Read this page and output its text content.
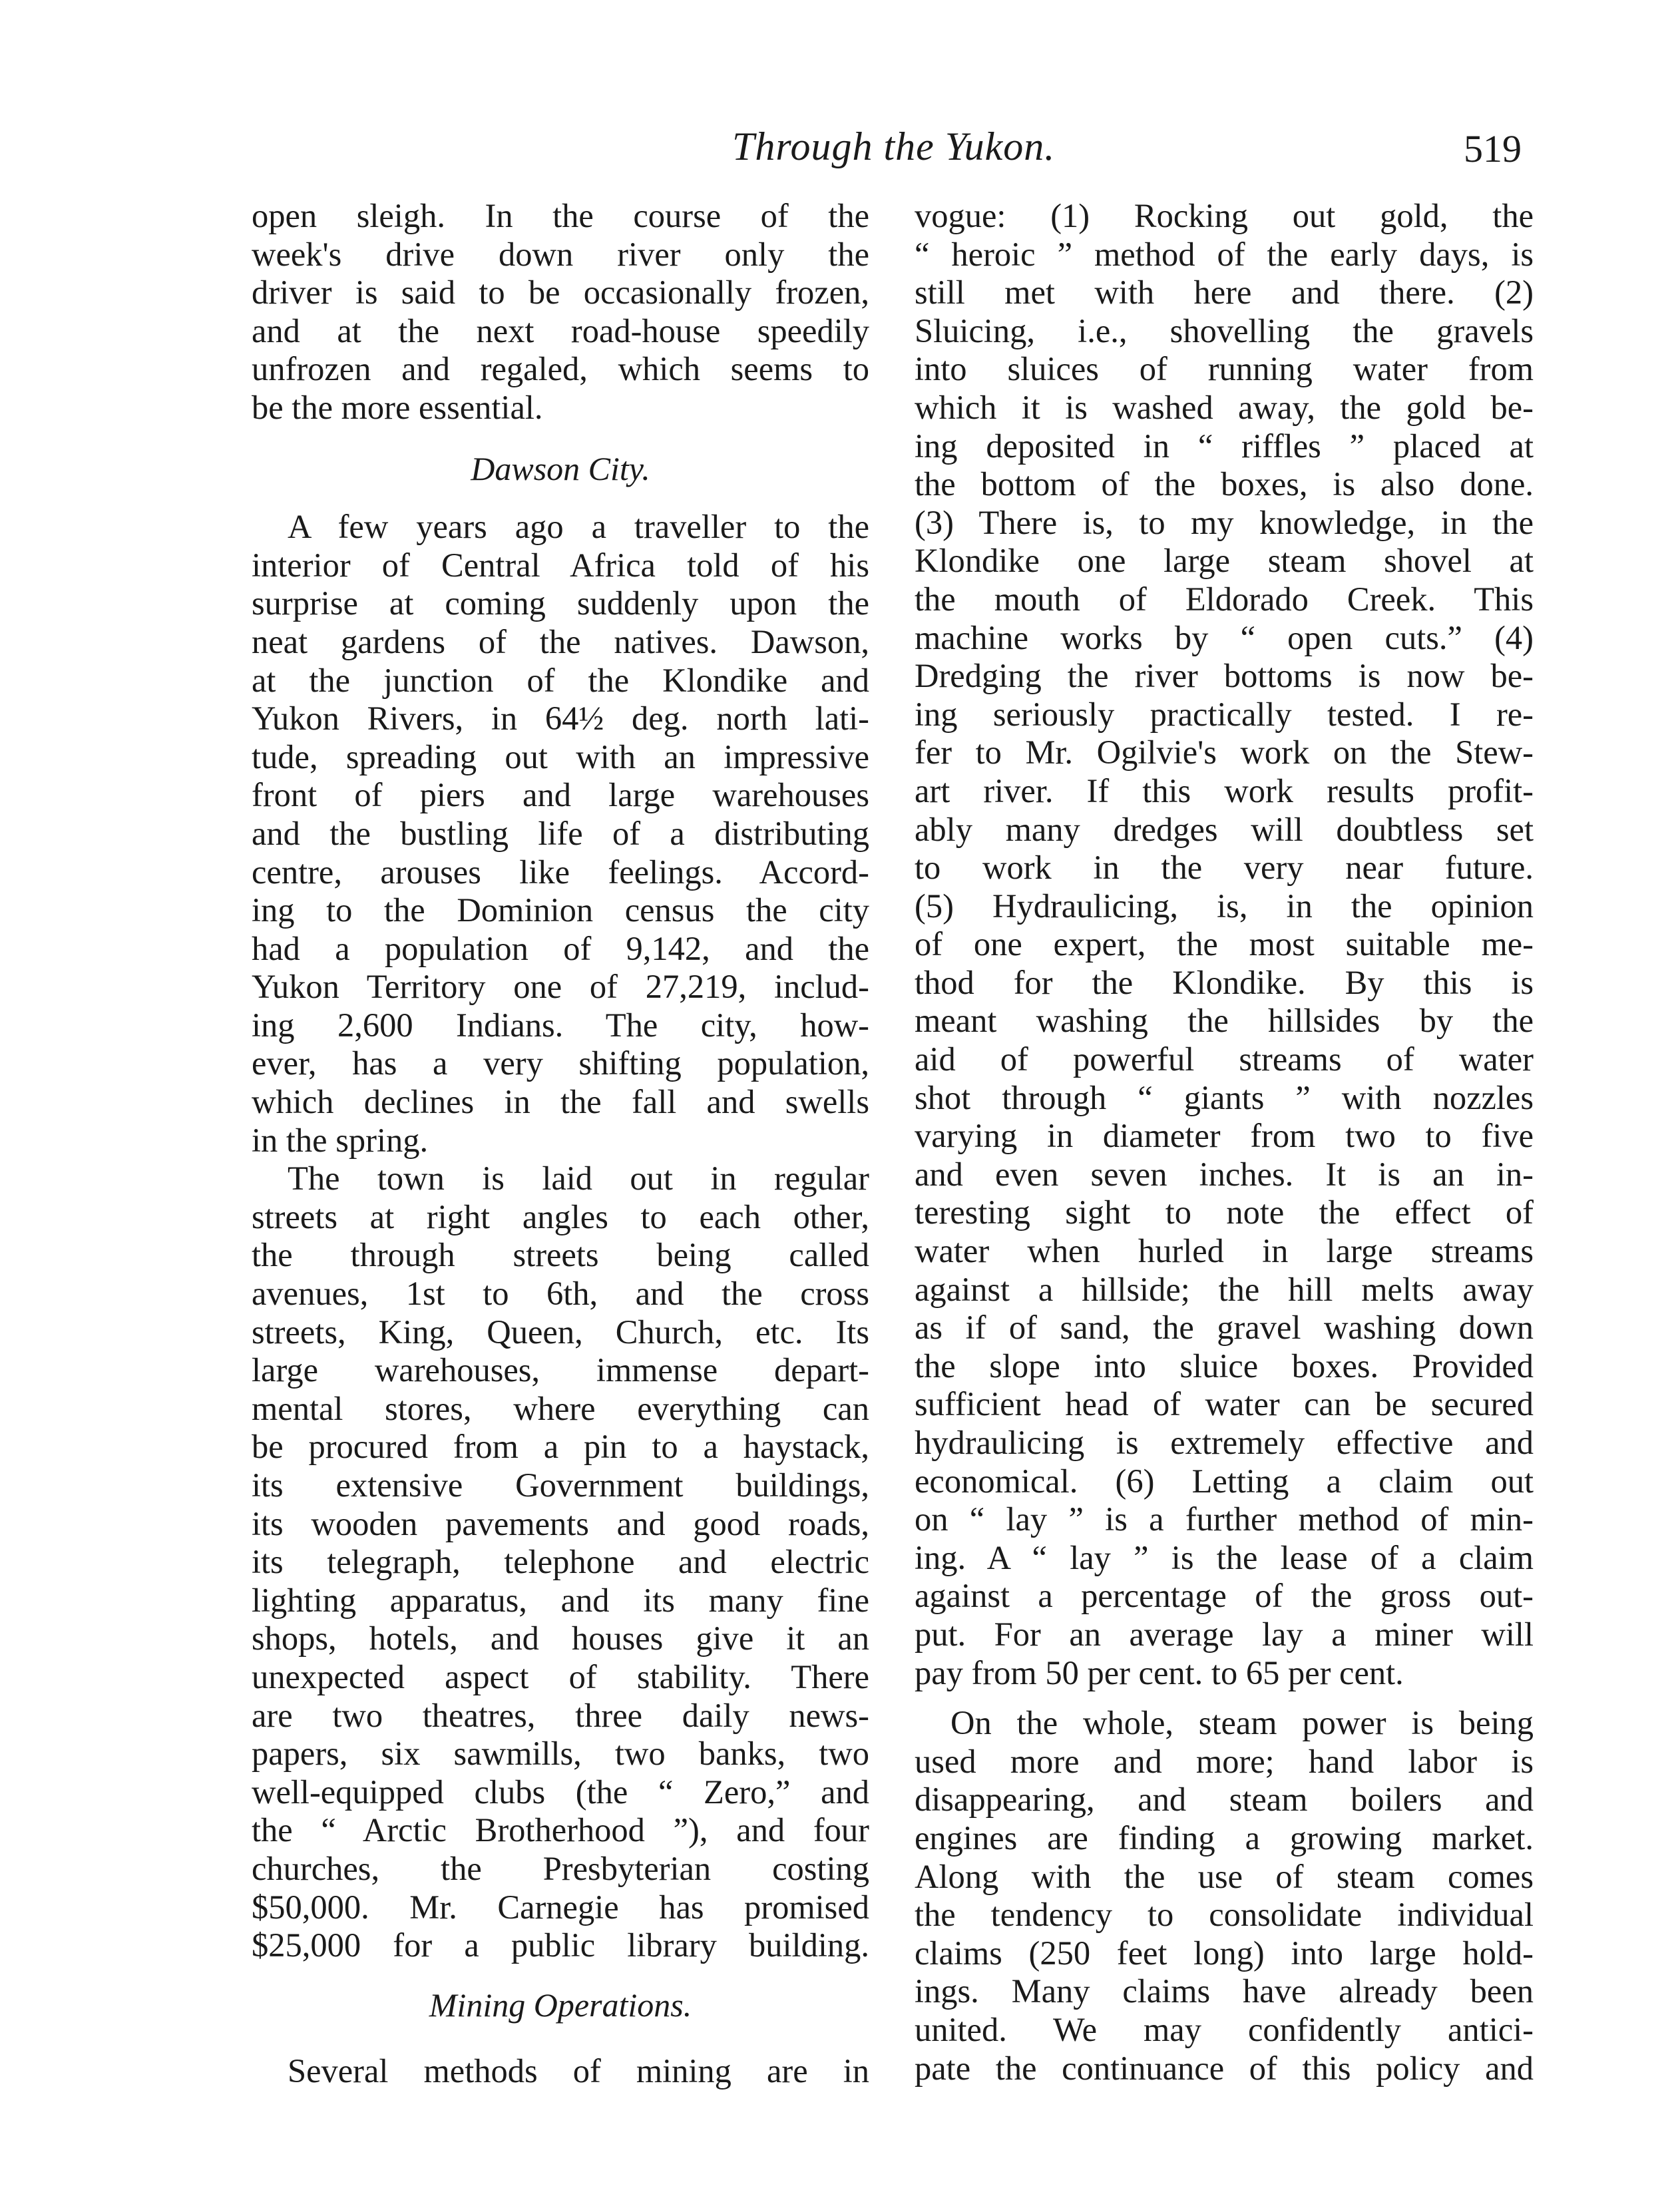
Through the Yukon.	519
open sleigh. In the course of the
week's drive down river only the
driver is said to be occasionally frozen,
and at the next road-house speedily
unfrozen and regaled, which seems to
be the more essential.
Dawson City.
A few years ago a traveller to the
interior of Central Africa told of his
surprise at coming suddenly upon the
neat gardens of the natives. Dawson,
at the junction of the Klondike and
Yukon Rivers, in 64½ deg. north lati-
tude, spreading out with an impressive
front of piers and large warehouses
and the bustling life of a distributing
centre, arouses like feelings. Accord-
ing to the Dominion census the city
had a population of 9,142, and the
Yukon Territory one of 27,219, includ-
ing 2,600 Indians. The city, how-
ever, has a very shifting population,
which declines in the fall and swells
in the spring.
The town is laid out in regular
streets at right angles to each other,
the through streets being called
avenues, 1st to 6th, and the cross
streets, King, Queen, Church, etc. Its
large warehouses, immense depart-
mental stores, where everything can
be procured from a pin to a haystack,
its extensive Government buildings,
its wooden pavements and good roads,
its telegraph, telephone and electric
lighting apparatus, and its many fine
shops, hotels, and houses give it an
unexpected aspect of stability. There
are two theatres, three daily news-
papers, six sawmills, two banks, two
well-equipped clubs (the “ Zero,” and
the “ Arctic Brotherhood ”), and four
churches, the Presbyterian costing
$50,000. Mr. Carnegie has promised
$25,000 for a public library building.
Mining Operations.
Several methods of mining are in
vogue: (1) Rocking out gold, the
“ heroic ” method of the early days, is
still met with here and there. (2)
Sluicing, i.e., shovelling the gravels
into sluices of running water from
which it is washed away, the gold be-
ing deposited in “ riffles ” placed at
the bottom of the boxes, is also done.
(3) There is, to my knowledge, in the
Klondike one large steam shovel at
the mouth of Eldorado Creek. This
machine works by “ open cuts.” (4)
Dredging the river bottoms is now be-
ing seriously practically tested. I re-
fer to Mr. Ogilvie's work on the Stew-
art river. If this work results profit-
ably many dredges will doubtless set
to work in the very near future.
(5) Hydraulicing, is, in the opinion
of one expert, the most suitable me-
thod for the Klondike. By this is
meant washing the hillsides by the
aid of powerful streams of water
shot through “ giants ” with nozzles
varying in diameter from two to five
and even seven inches. It is an in-
teresting sight to note the effect of
water when hurled in large streams
against a hillside; the hill melts away
as if of sand, the gravel washing down
the slope into sluice boxes. Provided
sufficient head of water can be secured
hydraulicing is extremely effective and
economical. (6) Letting a claim out
on “ lay ” is a further method of min-
ing. A “ lay ” is the lease of a claim
against a percentage of the gross out-
put. For an average lay a miner will
pay from 50 per cent. to 65 per cent.
On the whole, steam power is being
used more and more; hand labor is
disappearing, and steam boilers and
engines are finding a growing market.
Along with the use of steam comes
the tendency to consolidate individual
claims (250 feet long) into large hold-
ings. Many claims have already been
united. We may confidently antici-
pate the continuance of this policy and
